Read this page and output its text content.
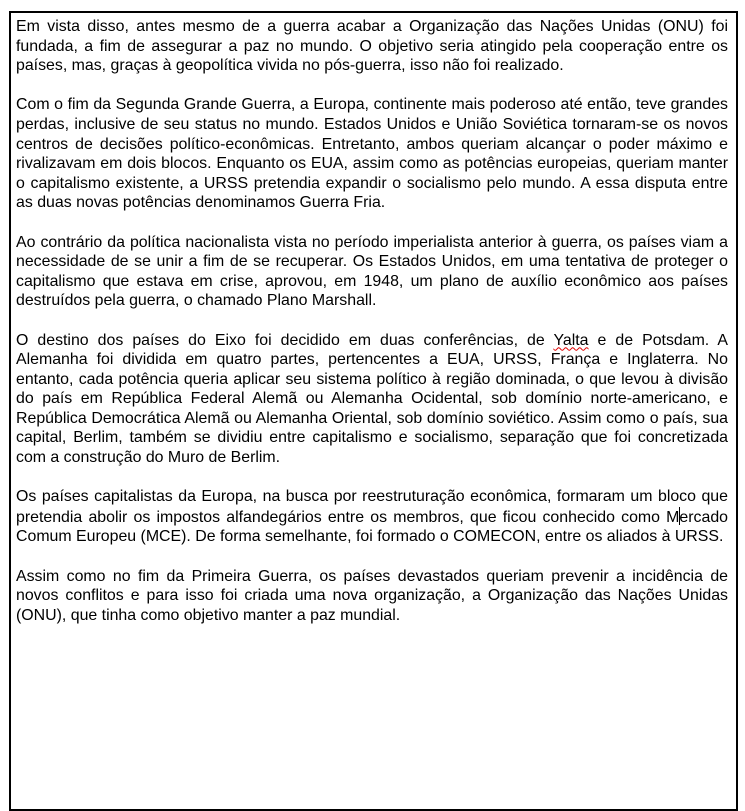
Em vista disso, antes mesmo de a guerra acabar a Organização das Nações Unidas (ONU) foi fundada, a fim de assegurar a paz no mundo. O objetivo seria atingido pela cooperação entre os países, mas, graças à geopolítica vivida no pós-guerra, isso não foi realizado.

Com o fim da Segunda Grande Guerra, a Europa, continente mais poderoso até então, teve grandes perdas, inclusive de seu status no mundo. Estados Unidos e União Soviética tornaram-se os novos centros de decisões político-econômicas. Entretanto, ambos queriam alcançar o poder máximo e rivalizavam em dois blocos. Enquanto os EUA, assim como as potências europeias, queriam manter o capitalismo existente, a URSS pretendia expandir o socialismo pelo mundo. A essa disputa entre as duas novas potências denominamos Guerra Fria.

Ao contrário da política nacionalista vista no período imperialista anterior à guerra, os países viam a necessidade de se unir a fim de se recuperar. Os Estados Unidos, em uma tentativa de proteger o capitalismo que estava em crise, aprovou, em 1948, um plano de auxílio econômico aos países destruídos pela guerra, o chamado Plano Marshall.

O destino dos países do Eixo foi decidido em duas conferências, de Yalta e de Potsdam. A Alemanha foi dividida em quatro partes, pertencentes a EUA, URSS, França e Inglaterra. No entanto, cada potência queria aplicar seu sistema político à região dominada, o que levou à divisão do país em República Federal Alemã ou Alemanha Ocidental, sob domínio norte-americano, e República Democrática Alemã ou Alemanha Oriental, sob domínio soviético. Assim como o país, sua capital, Berlim, também se dividiu entre capitalismo e socialismo, separação que foi concretizada com a construção do Muro de Berlim.

Os países capitalistas da Europa, na busca por reestruturação econômica, formaram um bloco que pretendia abolir os impostos alfandegários entre os membros, que ficou conhecido como Mercado Comum Europeu (MCE). De forma semelhante, foi formado o COMECON, entre os aliados à URSS.

Assim como no fim da Primeira Guerra, os países devastados queriam prevenir a incidência de novos conflitos e para isso foi criada uma nova organização, a Organização das Nações Unidas (ONU), que tinha como objetivo manter a paz mundial.
